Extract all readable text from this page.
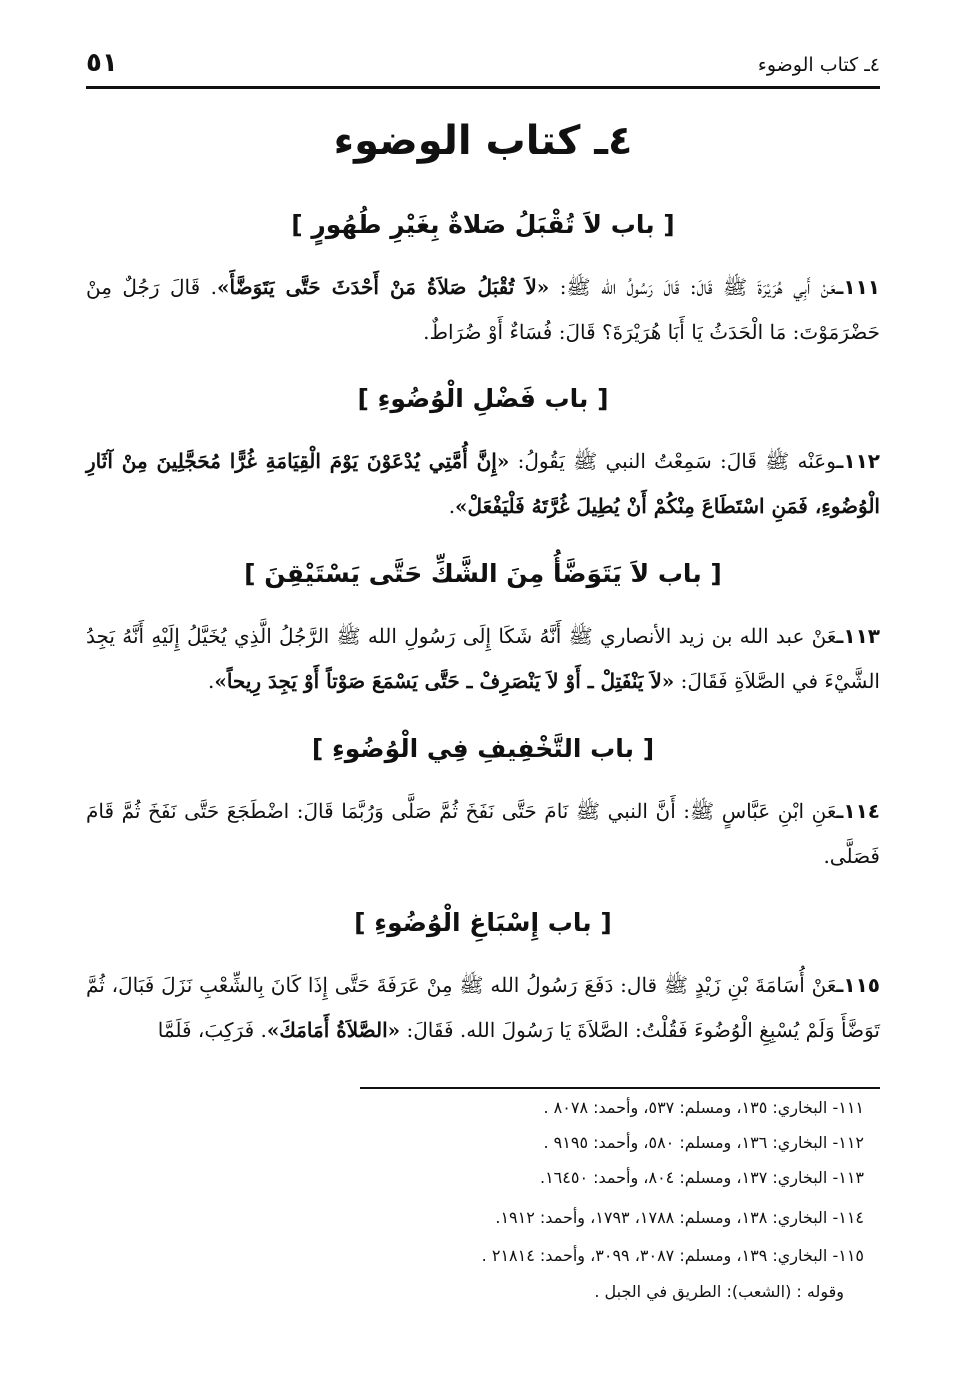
٤ـ كتاب الوضوء
٥١
٤ـ كتاب الوضوء
[ باب لاَ تُقْبَلُ صَلاةٌ بِغَيْرِ طُهُورٍ ]
١١١ـعَنْ أَبِي هُرَيْرَةَ ﷺ قَالَ: قَالَ رَسُولُ الله ﷺ: «لاَ تُقْبَلُ صَلاَةُ مَنْ أَحْدَثَ حَتَّى يَتَوَضَّأَ». قَالَ رَجُلٌ مِنْ حَضْرَمَوْتَ: مَا الْحَدَثُ يَا أَبَا هُرَيْرَةَ؟ قَالَ: فُسَاءٌ أَوْ ضُرَاطٌ.
[ باب فَضْلِ الْوُضُوءِ ]
١١٢ـوعَنْه ﷺ قَالَ: سَمِعْتُ النبي ﷺ يَقُولُ: «إِنَّ أُمَّتِي يُدْعَوْنَ يَوْمَ الْقِيَامَةِ غُرًّا مُحَجَّلِينَ مِنْ آثَارِ الْوُضُوءِ، فَمَنِ اسْتَطَاعَ مِنْكُمْ أَنْ يُطِيلَ غُرَّتَهُ فَلْيَفْعَلْ».
[ باب لاَ يَتَوَضَّأُ مِنَ الشَّكِّ حَتَّى يَسْتَيْقِنَ ]
١١٣ـعَنْ عبد الله بن زيد الأنصاري ﷺ أَنَّهُ شَكَا إِلَى رَسُولِ الله ﷺ الرَّجُلُ الَّذِي يُخَيَّلُ إِلَيْهِ أَنَّهُ يَجِدُ الشَّيْءَ في الصَّلاَةِ فَقَالَ: «لاَ يَنْفَتِلْ ـ أَوْ لاَ يَنْصَرِفْ ـ حَتَّى يَسْمَعَ صَوْتاً أَوْ يَجِدَ رِيحاً».
[ باب التَّخْفِيفِ فِي الْوُضُوءِ ]
١١٤ـعَنِ ابْنِ عَبَّاسٍ ﷺ: أَنَّ النبي ﷺ نَامَ حَتَّى نَفَخَ ثُمَّ صَلَّى وَرُبَّمَا قَالَ: اضْطَجَعَ حَتَّى نَفَخَ ثُمَّ قَامَ فَصَلَّى.
[ باب إِسْبَاغِ الْوُضُوءِ ]
١١٥ـعَنْ أُسَامَةَ بْنِ زَيْدٍ ﷺ قال: دَفَعَ رَسُولُ الله ﷺ مِنْ عَرَفَةَ حَتَّى إِذَا كَانَ بِالشِّعْبِ نَزَلَ فَبَالَ، ثُمَّ تَوَضَّأَ وَلَمْ يُسْبِغِ الْوُضُوءَ فَقُلْتُ: الصَّلاَةَ يَا رَسُولَ الله. فَقَالَ: «الصَّلاَةُ أَمَامَكَ». فَرَكِبَ، فَلَمَّا
١١١- البخاري: ١٣٥، ومسلم: ٥٣٧، وأحمد: ٨٠٧٨ .
١١٢- البخاري: ١٣٦، ومسلم: ٥٨٠، وأحمد: ٩١٩٥ .
١١٣- البخاري: ١٣٧، ومسلم: ٨٠٤، وأحمد: ١٦٤٥٠.
١١٤- البخاري: ١٣٨، ومسلم: ١٧٨٨، ١٧٩٣، وأحمد: ١٩١٢.
١١٥- البخاري: ١٣٩، ومسلم: ٣٠٨٧، ٣٠٩٩، وأحمد: ٢١٨١٤ .
وقوله : (الشعب): الطريق في الجبل .
